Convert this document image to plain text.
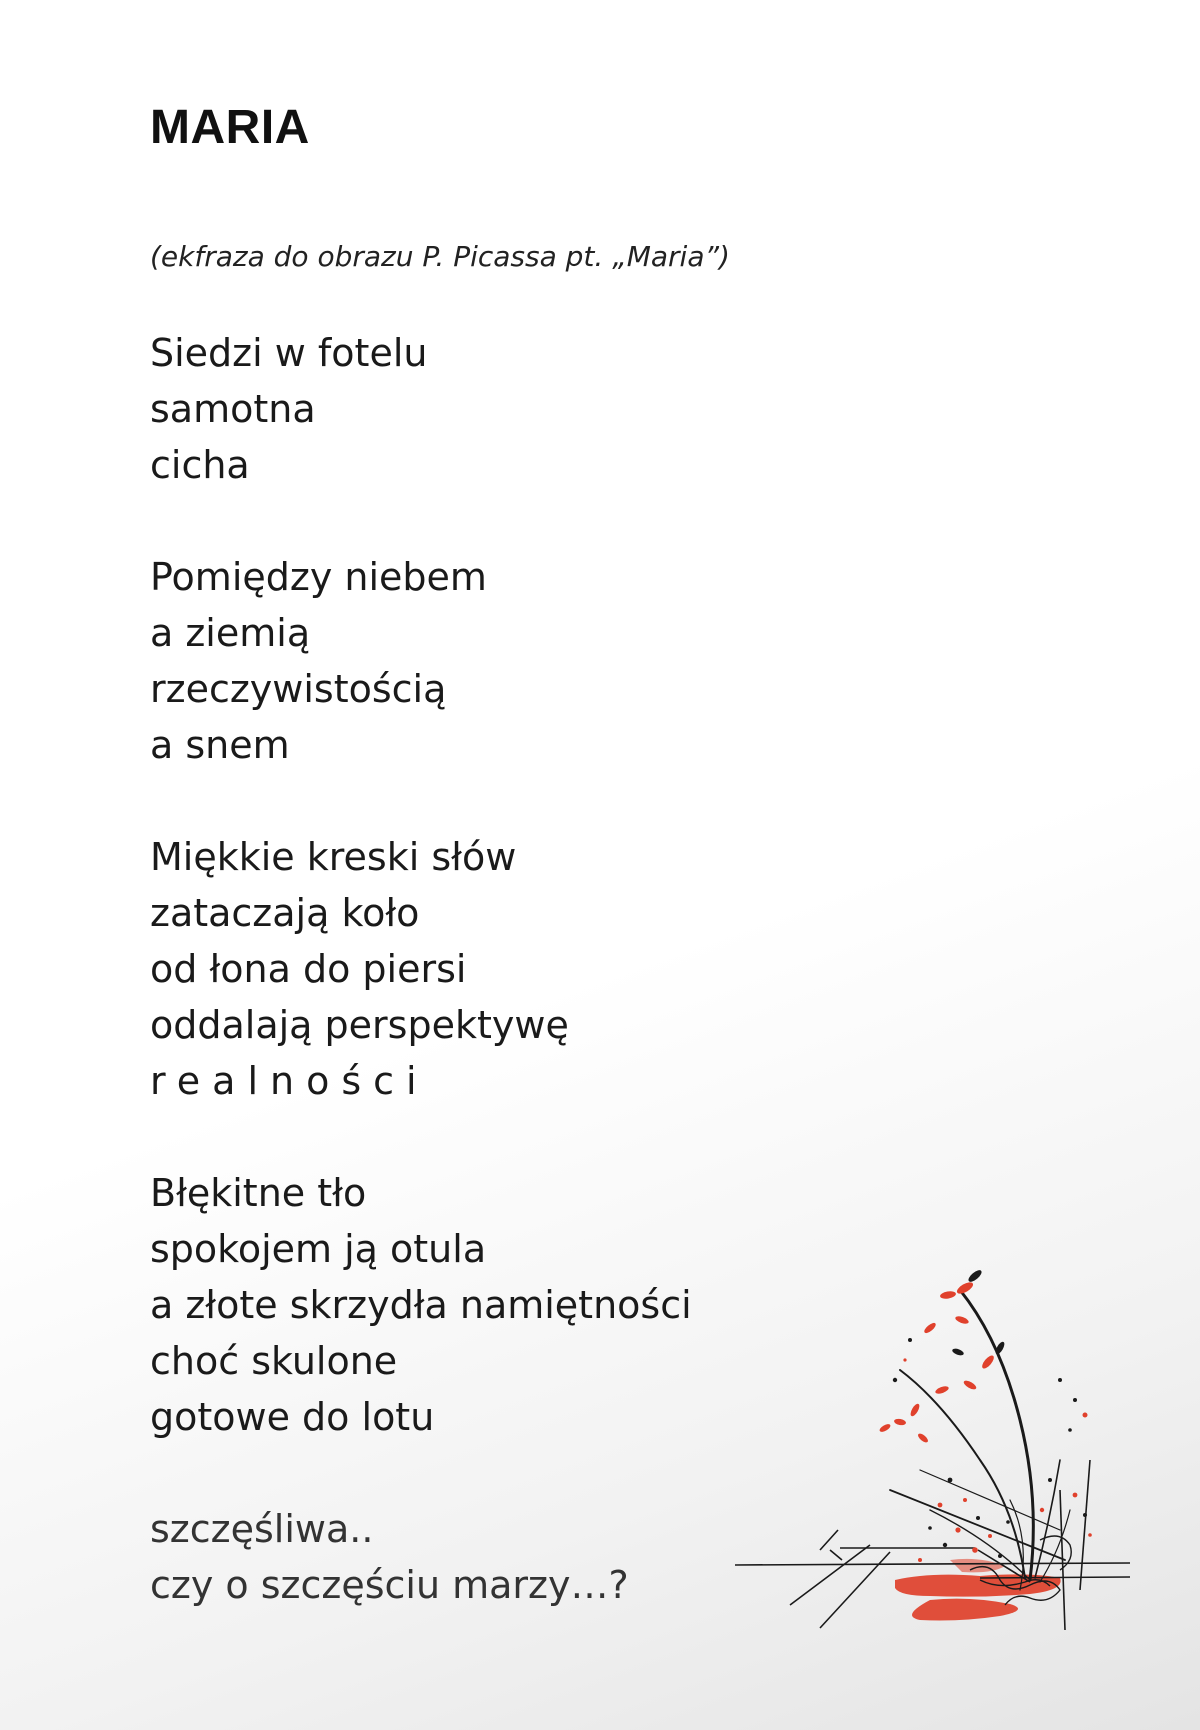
MARIA

(ekfraza do obrazu P. Picassa pt. „Maria”)

Siedzi w fotelu
samotna
cicha
Pomiędzy niebem
a ziemią
rzeczywistością
a snem
Miękkie kreski słów
zataczają koło
od łona do piersi
oddalają perspektywę
realności
Błękitne tło
spokojem ją otula
a złote skrzydła namiętności
choć skulone
gotowe do lotu
szczęśliwa..
czy o szczęściu marzy…?
